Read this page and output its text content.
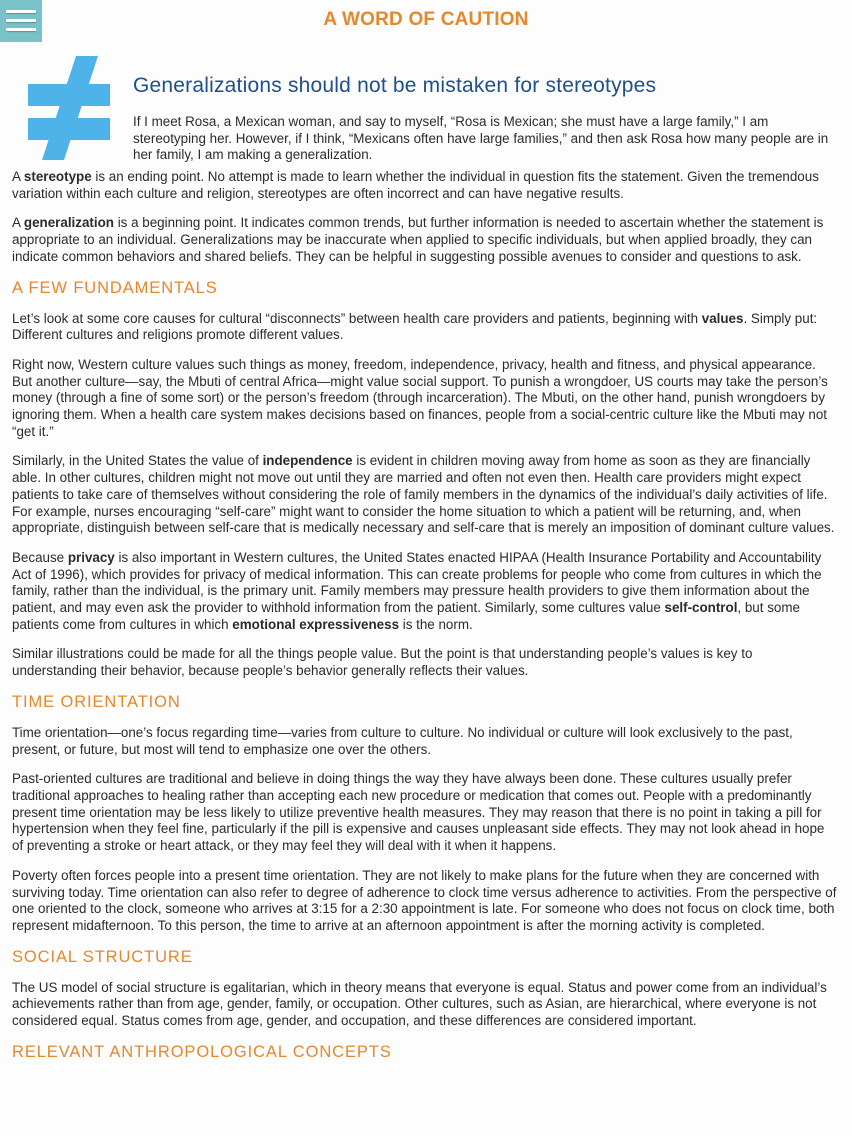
A WORD OF CAUTION
Generalizations should not be mistaken for stereotypes
If I meet Rosa, a Mexican woman, and say to myself, “Rosa is Mexican; she must have a large family,” I am stereotyping her. However, if I think, “Mexicans often have large families,” and then ask Rosa how many people are in her family, I am making a generalization.

A stereotype is an ending point. No attempt is made to learn whether the individual in question fits the statement. Given the tremendous variation within each culture and religion, stereotypes are often incorrect and can have negative results.

A generalization is a beginning point. It indicates common trends, but further information is needed to ascertain whether the statement is appropriate to an individual. Generalizations may be inaccurate when applied to specific individuals, but when applied broadly, they can indicate common behaviors and shared beliefs. They can be helpful in suggesting possible avenues to consider and questions to ask.

A FEW FUNDAMENTALS

Let’s look at some core causes for cultural “disconnects” between health care providers and patients, beginning with values. Simply put: Different cultures and religions promote different values.

Right now, Western culture values such things as money, freedom, independence, privacy, health and fitness, and physical appearance. But another culture—say, the Mbuti of central Africa—might value social support. To punish a wrongdoer, US courts may take the person’s money (through a fine of some sort) or the person’s freedom (through incarceration). The Mbuti, on the other hand, punish wrongdoers by ignoring them. When a health care system makes decisions based on finances, people from a social-centric culture like the Mbuti may not “get it.”

Similarly, in the United States the value of independence is evident in children moving away from home as soon as they are financially able. In other cultures, children might not move out until they are married and often not even then. Health care providers might expect patients to take care of themselves without considering the role of family members in the dynamics of the individual’s daily activities of life. For example, nurses encouraging “self-care” might want to consider the home situation to which a patient will be returning, and, when appropriate, distinguish between self-care that is medically necessary and self-care that is merely an imposition of dominant culture values.

Because privacy is also important in Western cultures, the United States enacted HIPAA (Health Insurance Portability and Accountability Act of 1996), which provides for privacy of medical information. This can create problems for people who come from cultures in which the family, rather than the individual, is the primary unit. Family members may pressure health providers to give them information about the patient, and may even ask the provider to withhold information from the patient. Similarly, some cultures value self-control, but some patients come from cultures in which emotional expressiveness is the norm.

Similar illustrations could be made for all the things people value. But the point is that understanding people’s values is key to understanding their behavior, because people’s behavior generally reflects their values.

TIME ORIENTATION

Time orientation—one’s focus regarding time—varies from culture to culture. No individual or culture will look exclusively to the past, present, or future, but most will tend to emphasize one over the others.

Past-oriented cultures are traditional and believe in doing things the way they have always been done. These cultures usually prefer traditional approaches to healing rather than accepting each new procedure or medication that comes out. People with a predominantly present time orientation may be less likely to utilize preventive health measures. They may reason that there is no point in taking a pill for hypertension when they feel fine, particularly if the pill is expensive and causes unpleasant side effects. They may not look ahead in hope of preventing a stroke or heart attack, or they may feel they will deal with it when it happens.

Poverty often forces people into a present time orientation. They are not likely to make plans for the future when they are concerned with surviving today. Time orientation can also refer to degree of adherence to clock time versus adherence to activities. From the perspective of one oriented to the clock, someone who arrives at 3:15 for a 2:30 appointment is late. For someone who does not focus on clock time, both represent midafternoon. To this person, the time to arrive at an afternoon appointment is after the morning activity is completed.

SOCIAL STRUCTURE

The US model of social structure is egalitarian, which in theory means that everyone is equal. Status and power come from an individual’s achievements rather than from age, gender, family, or occupation. Other cultures, such as Asian, are hierarchical, where everyone is not considered equal. Status comes from age, gender, and occupation, and these differences are considered important.

RELEVANT ANTHROPOLOGICAL CONCEPTS
